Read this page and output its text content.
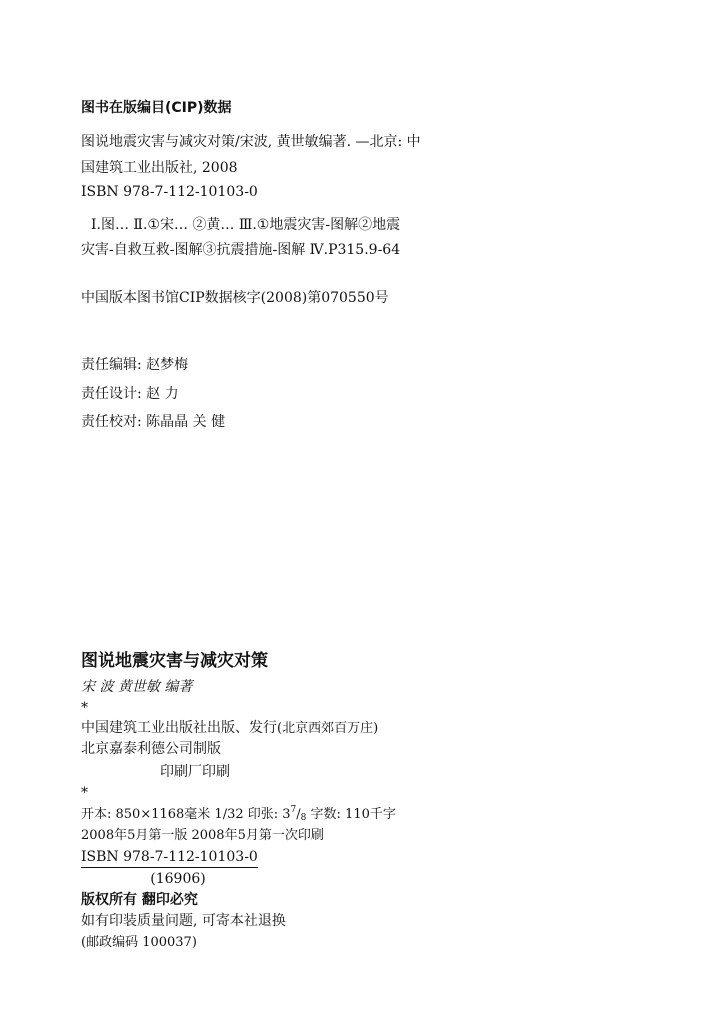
图书在版编目(CIP)数据
图说地震灾害与减灾对策/宋波, 黄世敏编著. —北京: 中
国建筑工业出版社, 2008
ISBN 978-7-112-10103-0
Ⅰ.图… Ⅱ.①宋… ②黄… Ⅲ.①地震灾害-图解②地震
灾害-自救互救-图解③抗震措施-图解 Ⅳ.P315.9-64
中国版本图书馆CIP数据核字(2008)第070550号
责任编辑: 赵梦梅
责任设计: 赵 力
责任校对: 陈晶晶 关 健
图说地震灾害与减灾对策
宋 波 黄世敏 编著
*
中国建筑工业出版社出版、发行(北京西郊百万庄)
北京嘉泰利德公司制版
印刷厂印刷
*
开本: 850×1168毫米 1/32 印张: $3^7/8$ 字数: 110千字
2008年5月第一版 2008年5月第一次印刷
ISBN 978-7-112-10103-0
(16906)
版权所有 翻印必究
如有印装质量问题, 可寄本社退换
(邮政编码 100037)
